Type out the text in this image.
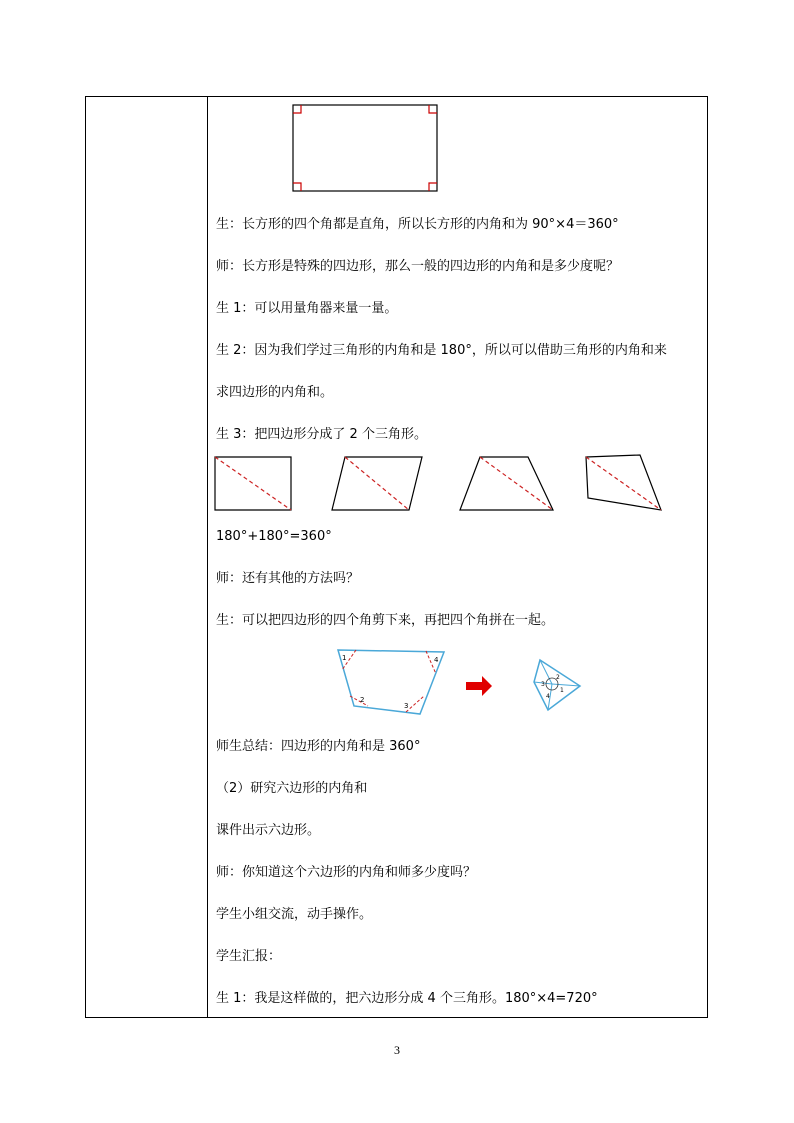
生：长方形的四个角都是直角，所以长方形的内角和为 90°×4＝360°
师：长方形是特殊的四边形，那么一般的四边形的内角和是多少度呢？
生 1：可以用量角器来量一量。
生 2：因为我们学过三角形的内角和是 180°，所以可以借助三角形的内角和来
求四边形的内角和。
生 3：把四边形分成了 2 个三角形。
180°+180°=360°
师：还有其他的方法吗？
生：可以把四边形的四个角剪下来，再把四个角拼在一起。
1	4
3
2
2
1
3
4
师生总结：四边形的内角和是 360°
（2）研究六边形的内角和
课件出示六边形。
师：你知道这个六边形的内角和师多少度吗？
学生小组交流，动手操作。
学生汇报：
生 1：我是这样做的，把六边形分成 4 个三角形。180°×4=720°
3
